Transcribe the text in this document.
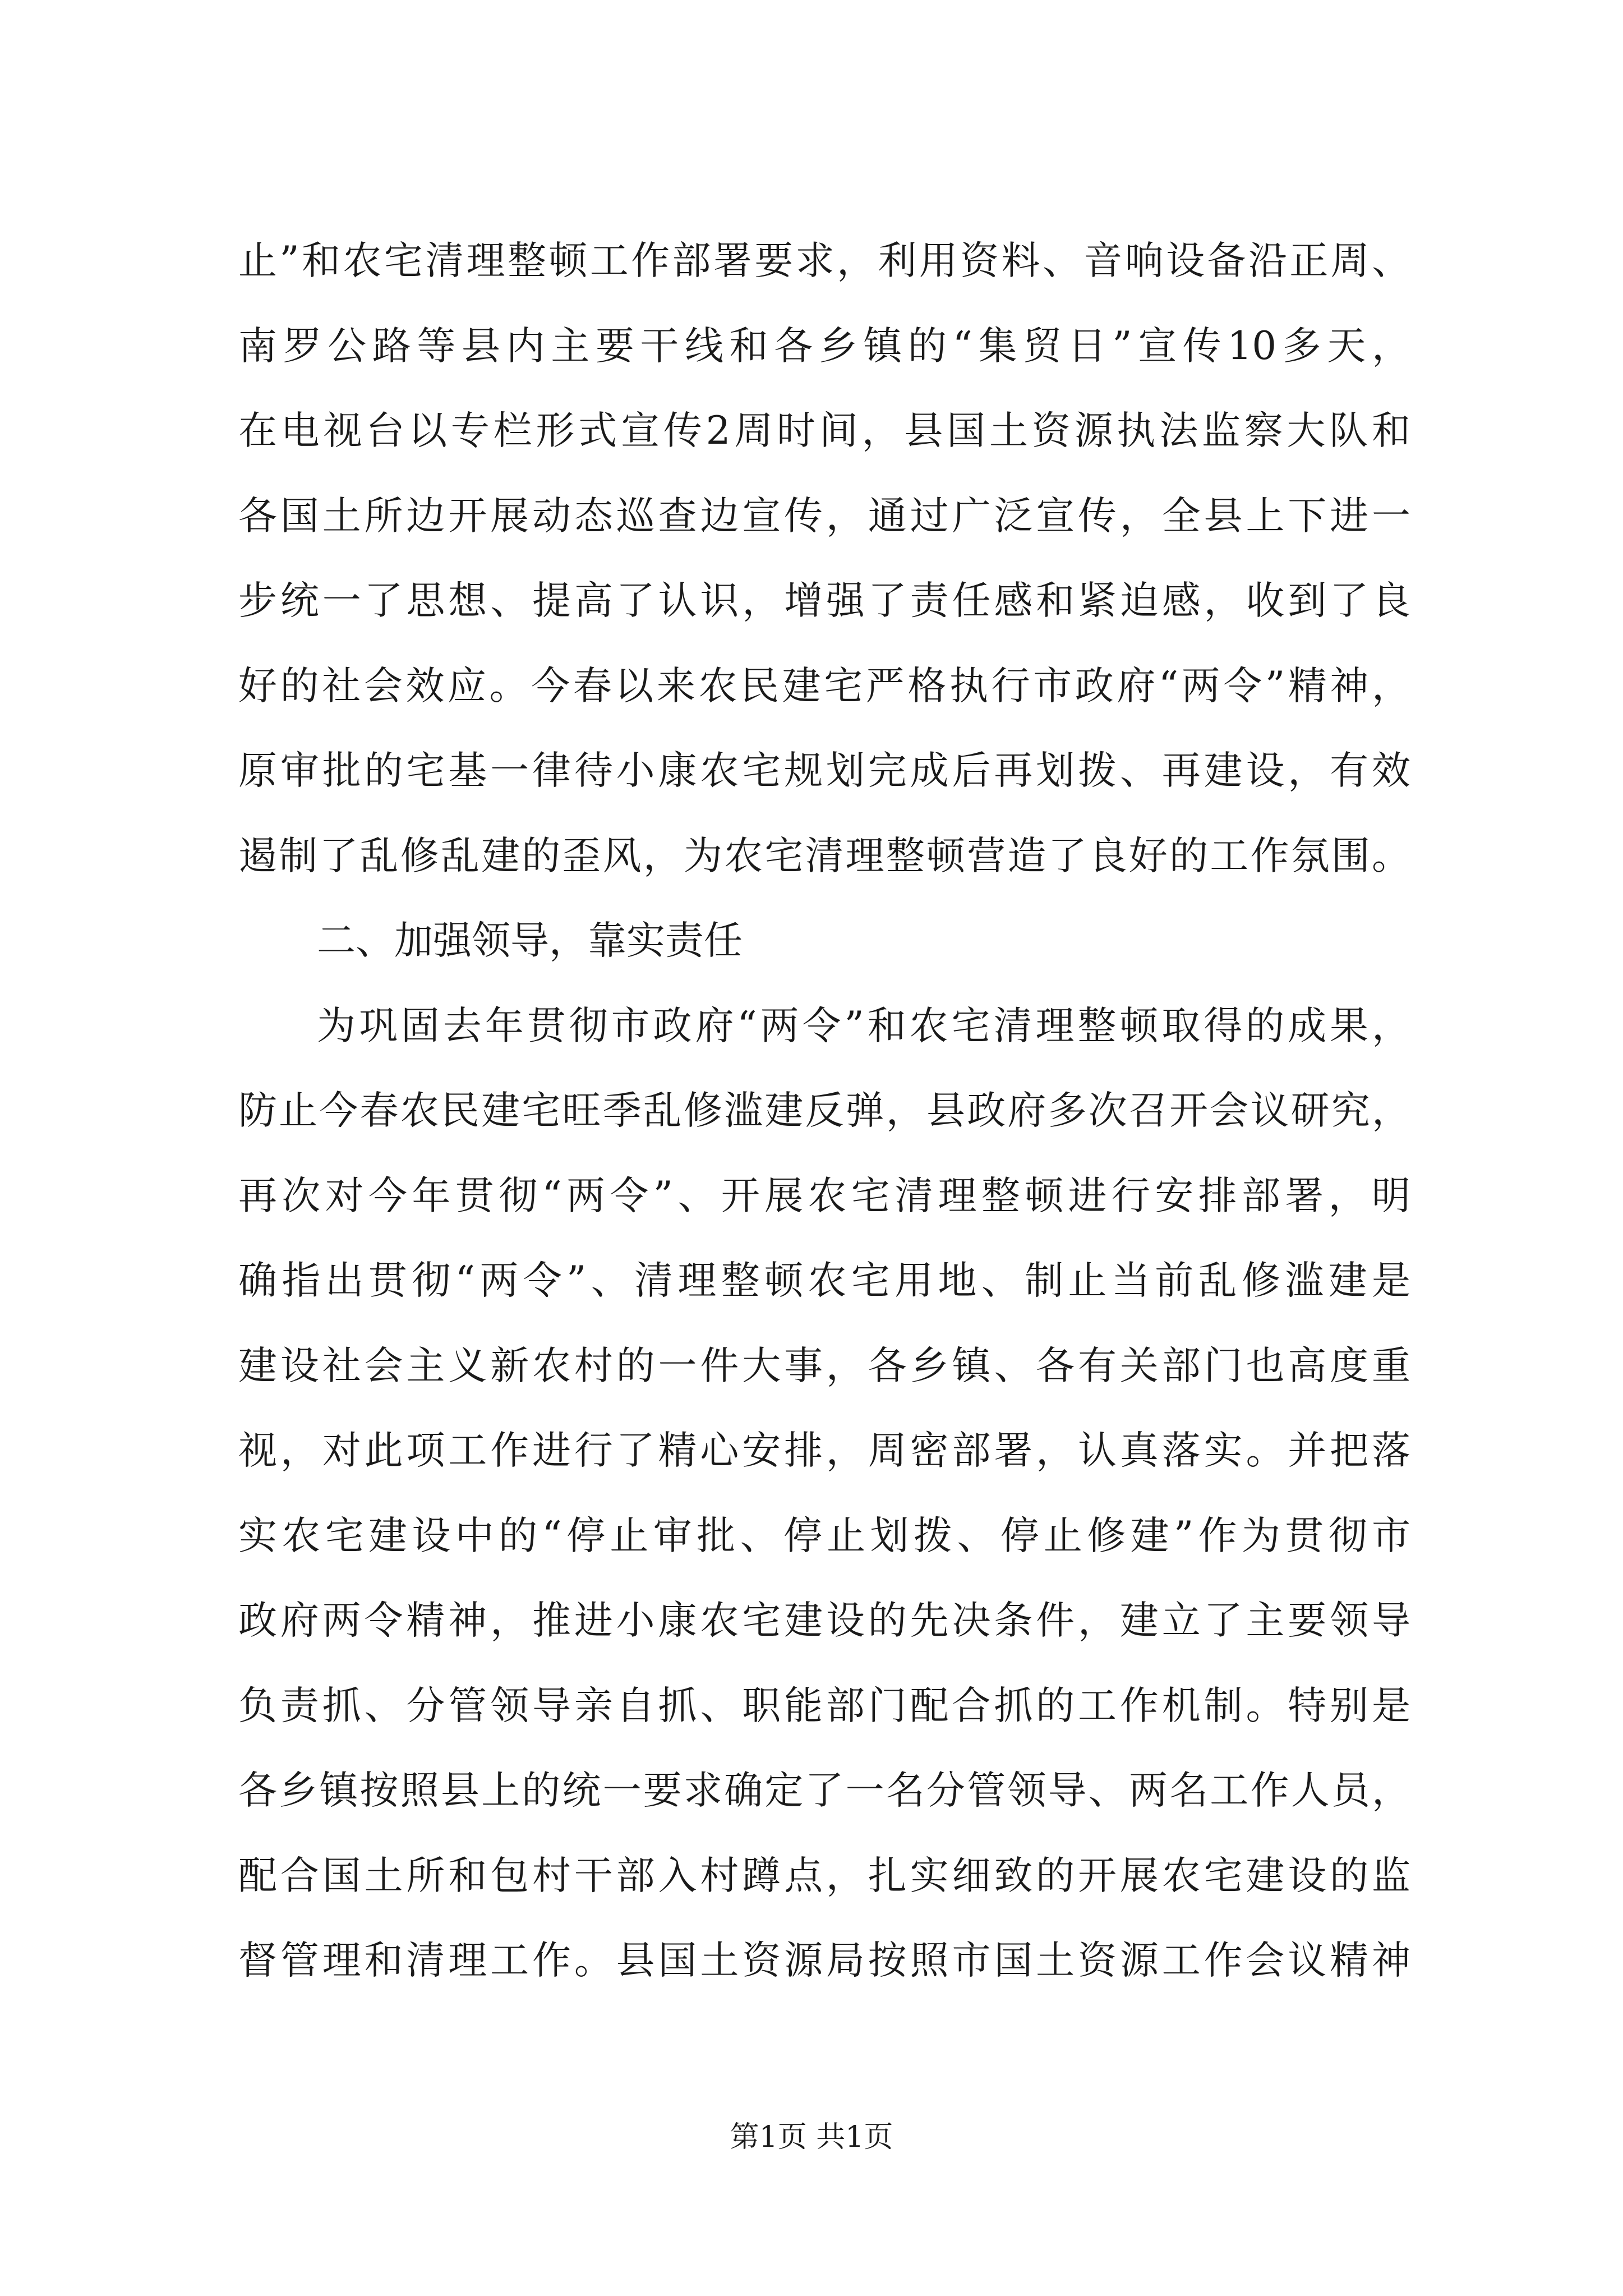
止”和农宅清理整顿工作部署要求，利用资料、音响设备沿正周、
南罗公路等县内主要干线和各乡镇的“集贸日”宣传10多天，
在电视台以专栏形式宣传2周时间，县国土资源执法监察大队和
各国土所边开展动态巡查边宣传，通过广泛宣传，全县上下进一
步统一了思想、提高了认识，增强了责任感和紧迫感，收到了良
好的社会效应。今春以来农民建宅严格执行市政府“两令”精神，
原审批的宅基一律待小康农宅规划完成后再划拨、再建设，有效
遏制了乱修乱建的歪风，为农宅清理整顿营造了良好的工作氛围。
二、加强领导，靠实责任
为巩固去年贯彻市政府“两令”和农宅清理整顿取得的成果，
防止今春农民建宅旺季乱修滥建反弹，县政府多次召开会议研究，
再次对今年贯彻“两令”、开展农宅清理整顿进行安排部署，明
确指出贯彻“两令”、清理整顿农宅用地、制止当前乱修滥建是
建设社会主义新农村的一件大事，各乡镇、各有关部门也高度重
视，对此项工作进行了精心安排，周密部署，认真落实。并把落
实农宅建设中的“停止审批、停止划拨、停止修建”作为贯彻市
政府两令精神，推进小康农宅建设的先决条件，建立了主要领导
负责抓、分管领导亲自抓、职能部门配合抓的工作机制。特别是
各乡镇按照县上的统一要求确定了一名分管领导、两名工作人员，
配合国土所和包村干部入村蹲点，扎实细致的开展农宅建设的监
督管理和清理工作。县国土资源局按照市国土资源工作会议精神
第1页 共1页
